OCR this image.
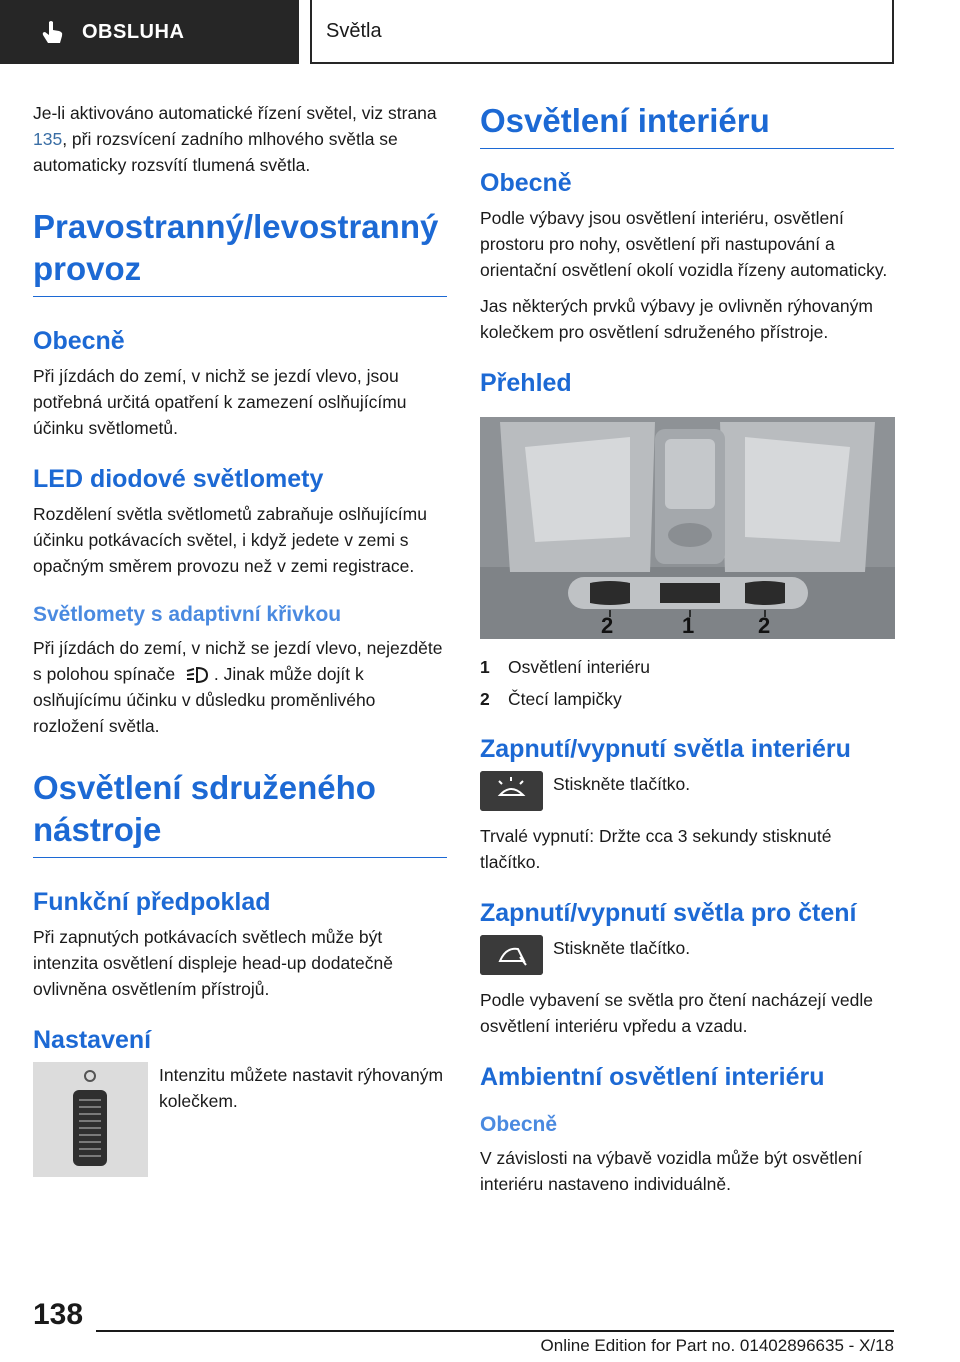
OBSLUHA	Světla

Je-li aktivováno automatické řízení světel, viz strana 135, při rozsvícení zadního mlhového světla se automaticky rozsvítí tlumená světla.

Pravostranný/levostranný provoz
Obecně

Při jízdách do zemí, v nichž se jezdí vlevo, jsou potřebná určitá opatření k zamezení oslňujícímu účinku světlometů.

LED diodové světlomety

Rozdělení světla světlometů zabraňuje oslňujícímu účinku potkávacích světel, i když jedete v zemi s opačným směrem provozu než v zemi registrace.

Světlomety s adaptivní křivkou

Při jízdách do zemí, v nichž se jezdí vlevo, nejezděte s polohou spínače . Jinak může dojít k oslňujícímu účinku v důsledku proměnlivého rozložení světla.

Osvětlení sdruženého nástroje
Funkční předpoklad

Při zapnutých potkávacích světlech může být intenzita osvětlení displeje head-up dodatečně ovlivněna osvětlením přístrojů.

Nastavení

Intenzitu můžete nastavit rýhovaným kolečkem.

Osvětlení interiéru
Obecně

Podle výbavy jsou osvětlení interiéru, osvětlení prostoru pro nohy, osvětlení při nastupování a orientační osvětlení okolí vozidla řízeny automaticky.

Jas některých prvků výbavy je ovlivněn rýhovaným kolečkem pro osvětlení sdruženého přístroje.

Přehled
2	1	2
1	Osvětlení interiéru
2	Čtecí lampičky
Zapnutí/vypnutí světla interiéru

Stiskněte tlačítko.

Trvalé vypnutí: Držte cca 3 sekundy stisknuté tlačítko.

Zapnutí/vypnutí světla pro čtení

Stiskněte tlačítko.

Podle vybavení se světla pro čtení nacházejí vedle osvětlení interiéru vpředu a vzadu.

Ambientní osvětlení interiéru
Obecně

V závislosti na výbavě vozidla může být osvětlení interiéru nastaveno individuálně.

138
Online Edition for Part no. 01402896635 - X/18
